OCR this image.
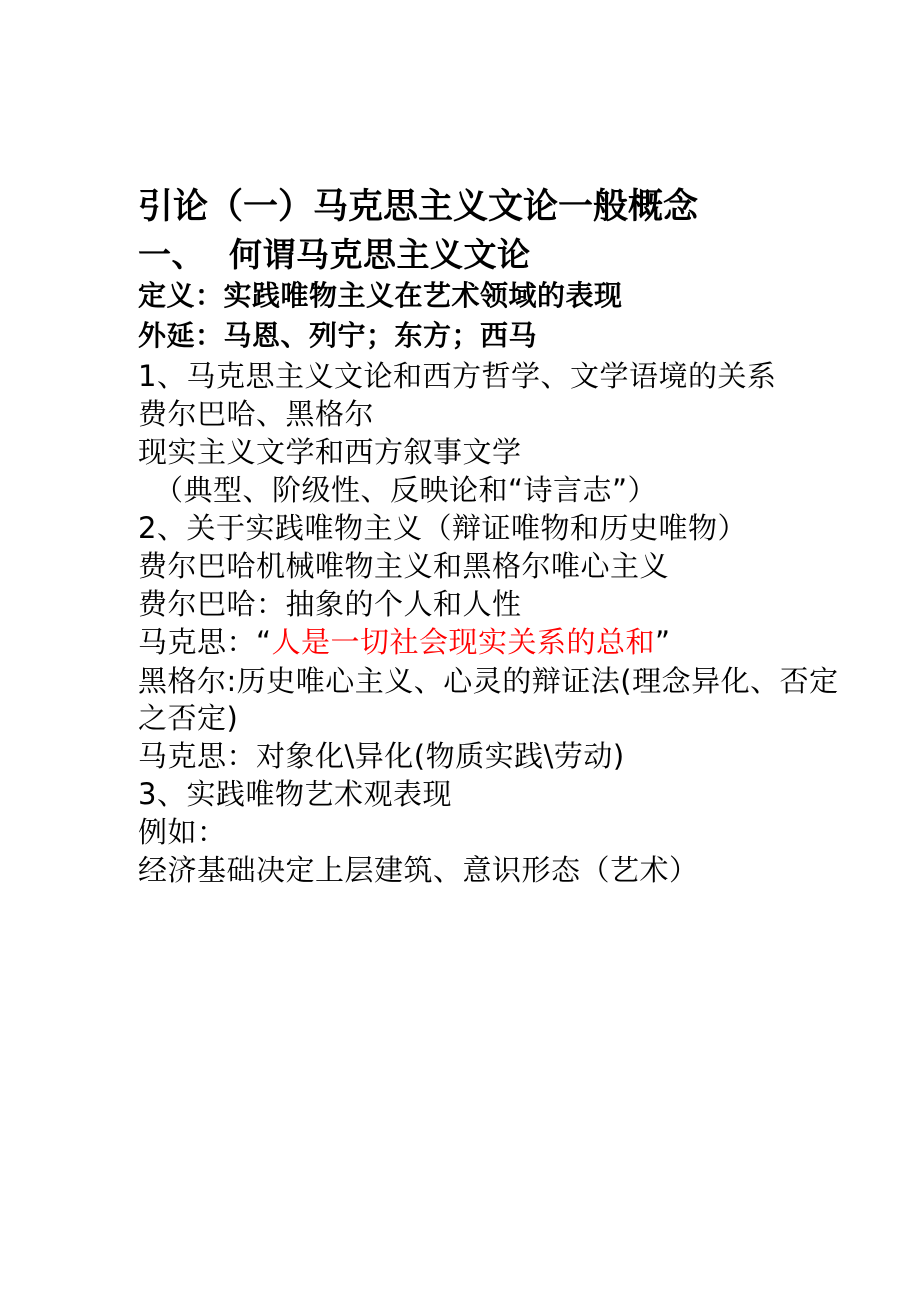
引论（一）马克思主义文论一般概念
一、  何谓马克思主义文论
定义：实践唯物主义在艺术领域的表现
外延：马恩、列宁；东方；西马
1、马克思主义文论和西方哲学、文学语境的关系
费尔巴哈、黑格尔
现实主义文学和西方叙事文学
（典型、阶级性、反映论和“诗言志”）
2、关于实践唯物主义（辩证唯物和历史唯物）
费尔巴哈机械唯物主义和黑格尔唯心主义
费尔巴哈：抽象的个人和人性
马克思：“人是一切社会现实关系的总和”
黑格尔:历史唯心主义、心灵的辩证法(理念异化、否定之否定)
马克思：对象化\异化(物质实践\劳动)
3、实践唯物艺术观表现
例如：
经济基础决定上层建筑、意识形态（艺术）
